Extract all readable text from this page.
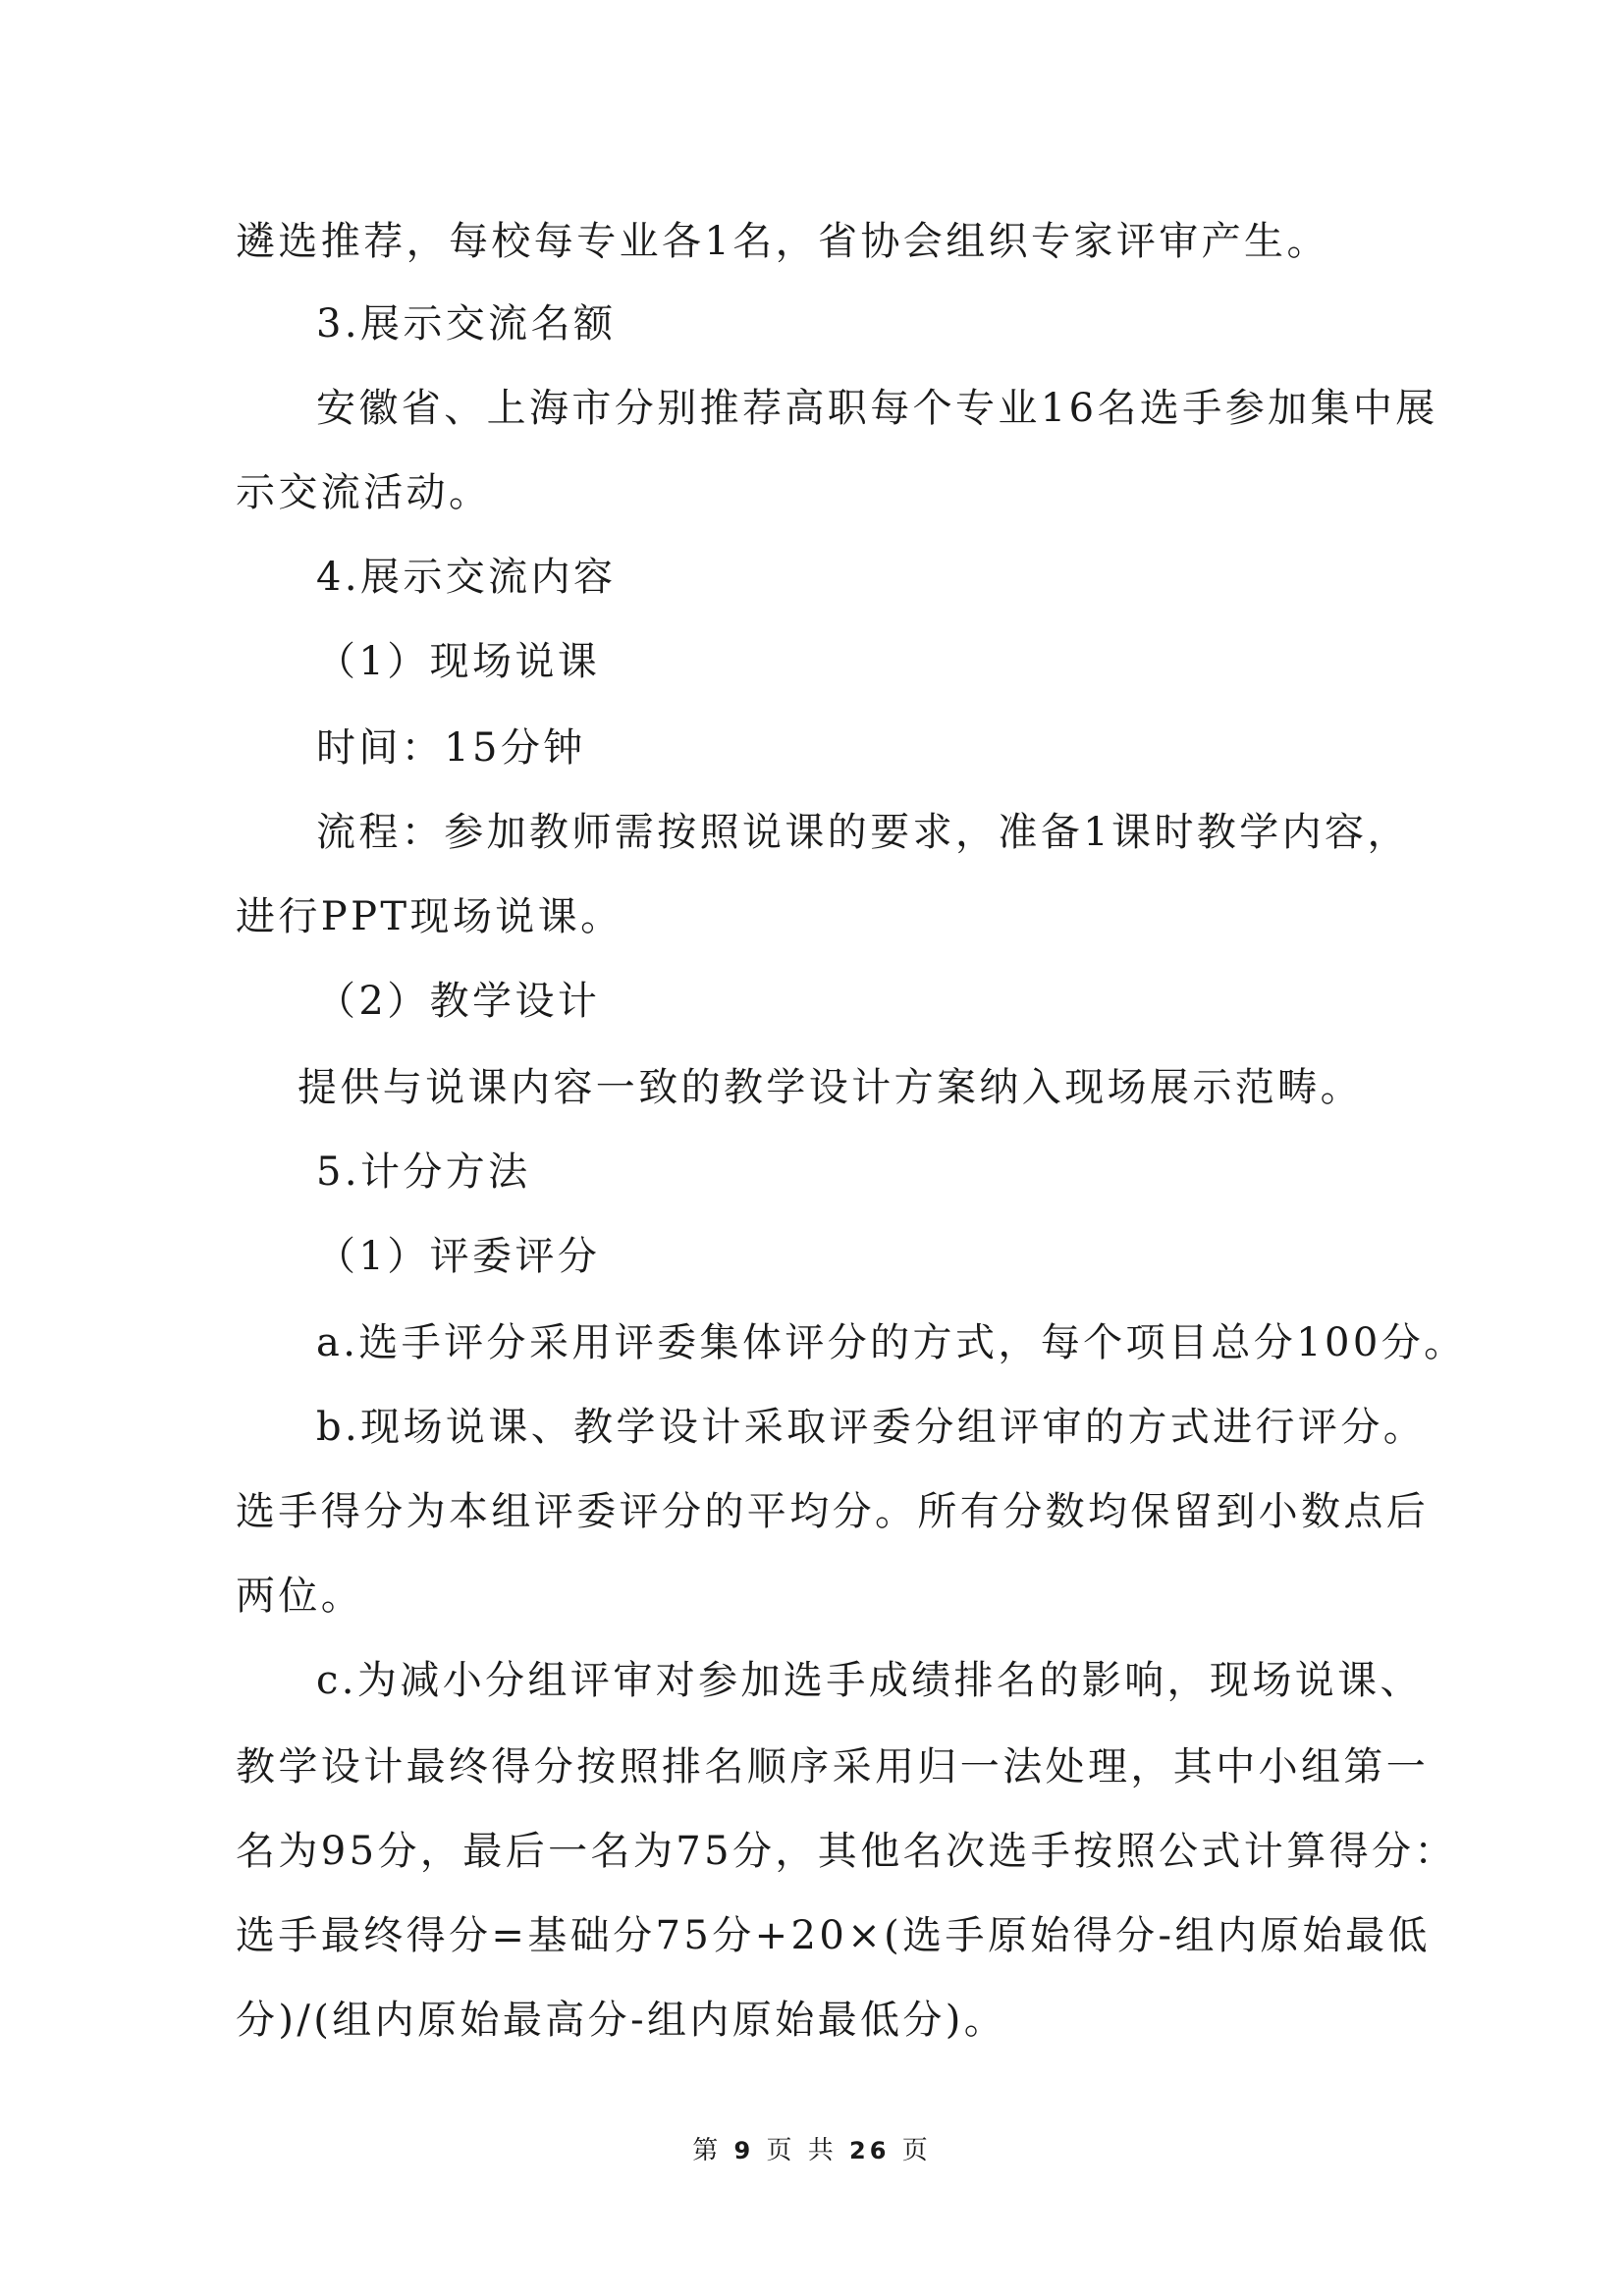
遴选推荐，每校每专业各1名，省协会组织专家评审产生。
3.展示交流名额
安徽省、上海市分别推荐高职每个专业16名选手参加集中展
示交流活动。
4.展示交流内容
（1）现场说课
时间：15分钟
流程：参加教师需按照说课的要求，准备1课时教学内容，
进行PPT现场说课。
（2）教学设计
提供与说课内容一致的教学设计方案纳入现场展示范畴。
5.计分方法
（1）评委评分
a.选手评分采用评委集体评分的方式，每个项目总分100分。
b.现场说课、教学设计采取评委分组评审的方式进行评分。
选手得分为本组评委评分的平均分。所有分数均保留到小数点后
两位。
c.为减小分组评审对参加选手成绩排名的影响，现场说课、
教学设计最终得分按照排名顺序采用归一法处理，其中小组第一
名为95分，最后一名为75分，其他名次选手按照公式计算得分：
选手最终得分=基础分75分+20×(选手原始得分-组内原始最低
分)/(组内原始最高分-组内原始最低分)。
第 9 页 共 26 页
